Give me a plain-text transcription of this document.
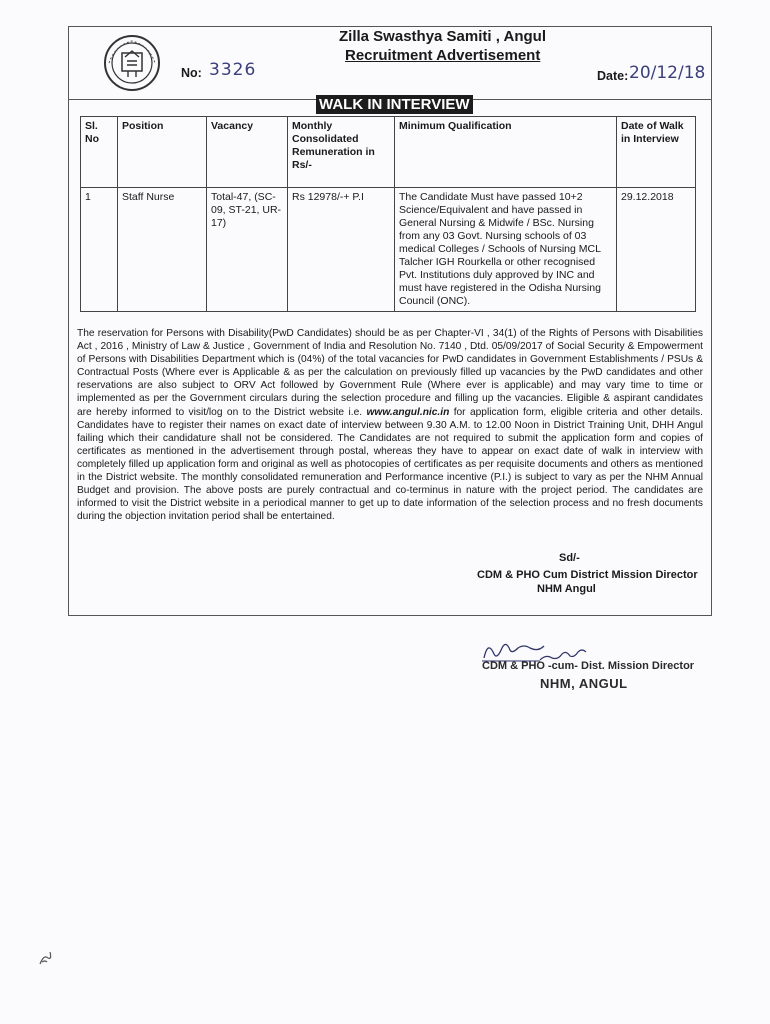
Zilla Swasthya Samiti , Angul
Recruitment Advertisement
No: 3326	Date: 20/12/18
WALK IN INTERVIEW
Sl. No	Position	Vacancy	Monthly Consolidated Remuneration in Rs/-	Minimum Qualification	Date of Walk in Interview
1	Staff Nurse	Total-47, (SC-09, ST-21, UR-17)	Rs 12978/-+ P.I	The Candidate Must have passed 10+2 Science/Equivalent and have passed in General Nursing & Midwife / BSc. Nursing from any 03 Govt. Nursing schools of 03 medical Colleges / Schools of Nursing MCL Talcher IGH Rourkella or other recognised Pvt. Institutions duly approved by INC and must have registered in the Odisha Nursing Council (ONC).	29.12.2018
The reservation for Persons with Disability(PwD Candidates) should be as per Chapter-VI , 34(1) of the Rights of Persons with Disabilities Act , 2016 , Ministry of Law & Justice , Government of India and Resolution No. 7140 , Dtd. 05/09/2017 of Social Security & Empowerment of Persons with Disabilities Department which is (04%) of the total vacancies for PwD candidates in Government Establishments / PSUs & Contractual Posts (Where ever is Applicable & as per the calculation on previously filled up vacancies by the PwD candidates and other reservations are also subject to ORV Act followed by Government Rule (Where ever is applicable) and may vary time to time or implemented as per the Government circulars during the selection procedure and filling up the vacancies. Eligible & aspirant candidates are hereby informed to visit/log on to the District website i.e. www.angul.nic.in for application form, eligible criteria and other details. Candidates have to register their names on exact date of interview between 9.30 A.M. to 12.00 Noon in District Training Unit, DHH Angul failing which their candidature shall not be considered. The Candidates are not required to submit the application form and copies of certificates as mentioned in the advertisement through postal, whereas they have to appear on exact date of walk in interview with completely filled up application form and original as well as photocopies of certificates as per requisite documents and others as mentioned in the District website. The monthly consolidated remuneration and Performance incentive (P.I.) is subject to vary as per the NHM Annual Budget and provision. The above posts are purely contractual and co-terminus in nature with the project period. The candidates are informed to visit the District website in a periodical manner to get up to date information of the selection process and no fresh documents during the objection invitation period shall be entertained.
Sd/-
CDM & PHO Cum District Mission Director
NHM Angul
CDM & PHO -cum- Dist. Mission Director
NHM, ANGUL
